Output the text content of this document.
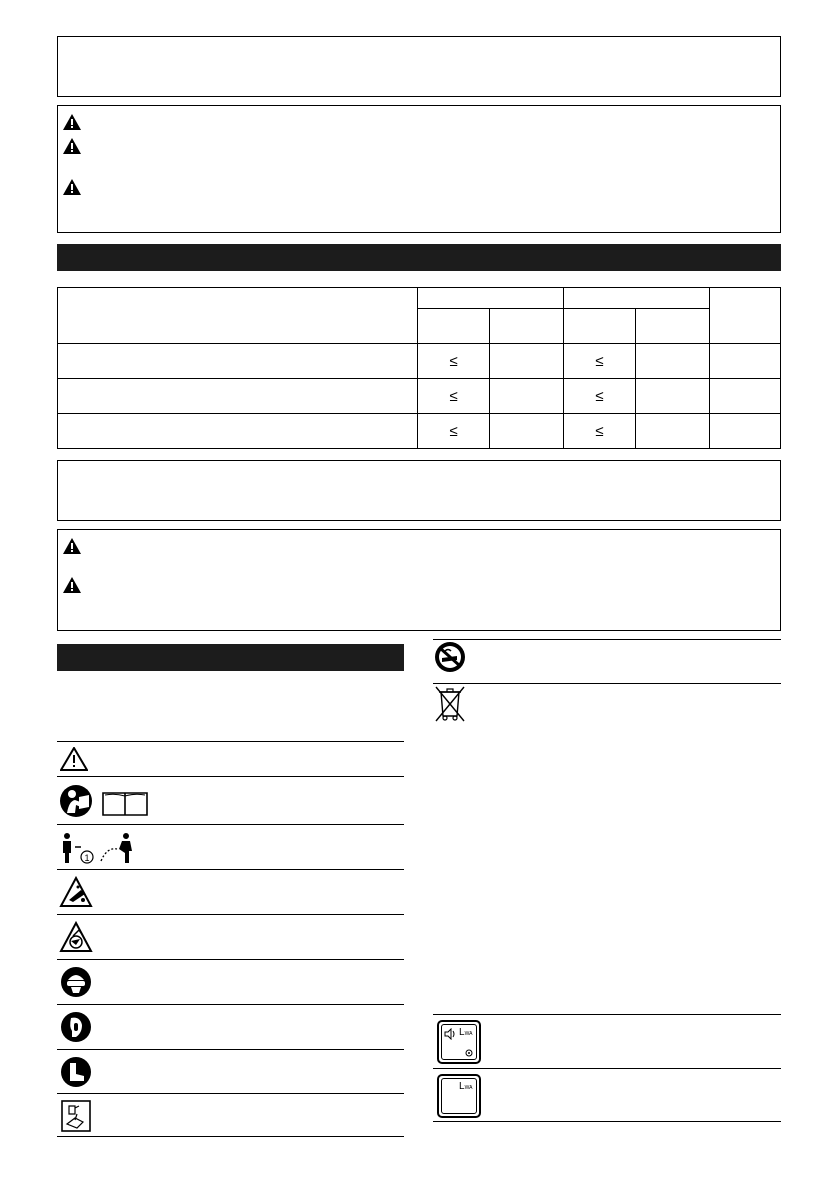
	≤		≤		
	≤		≤		
	≤		≤		
1
LWA
LWA
